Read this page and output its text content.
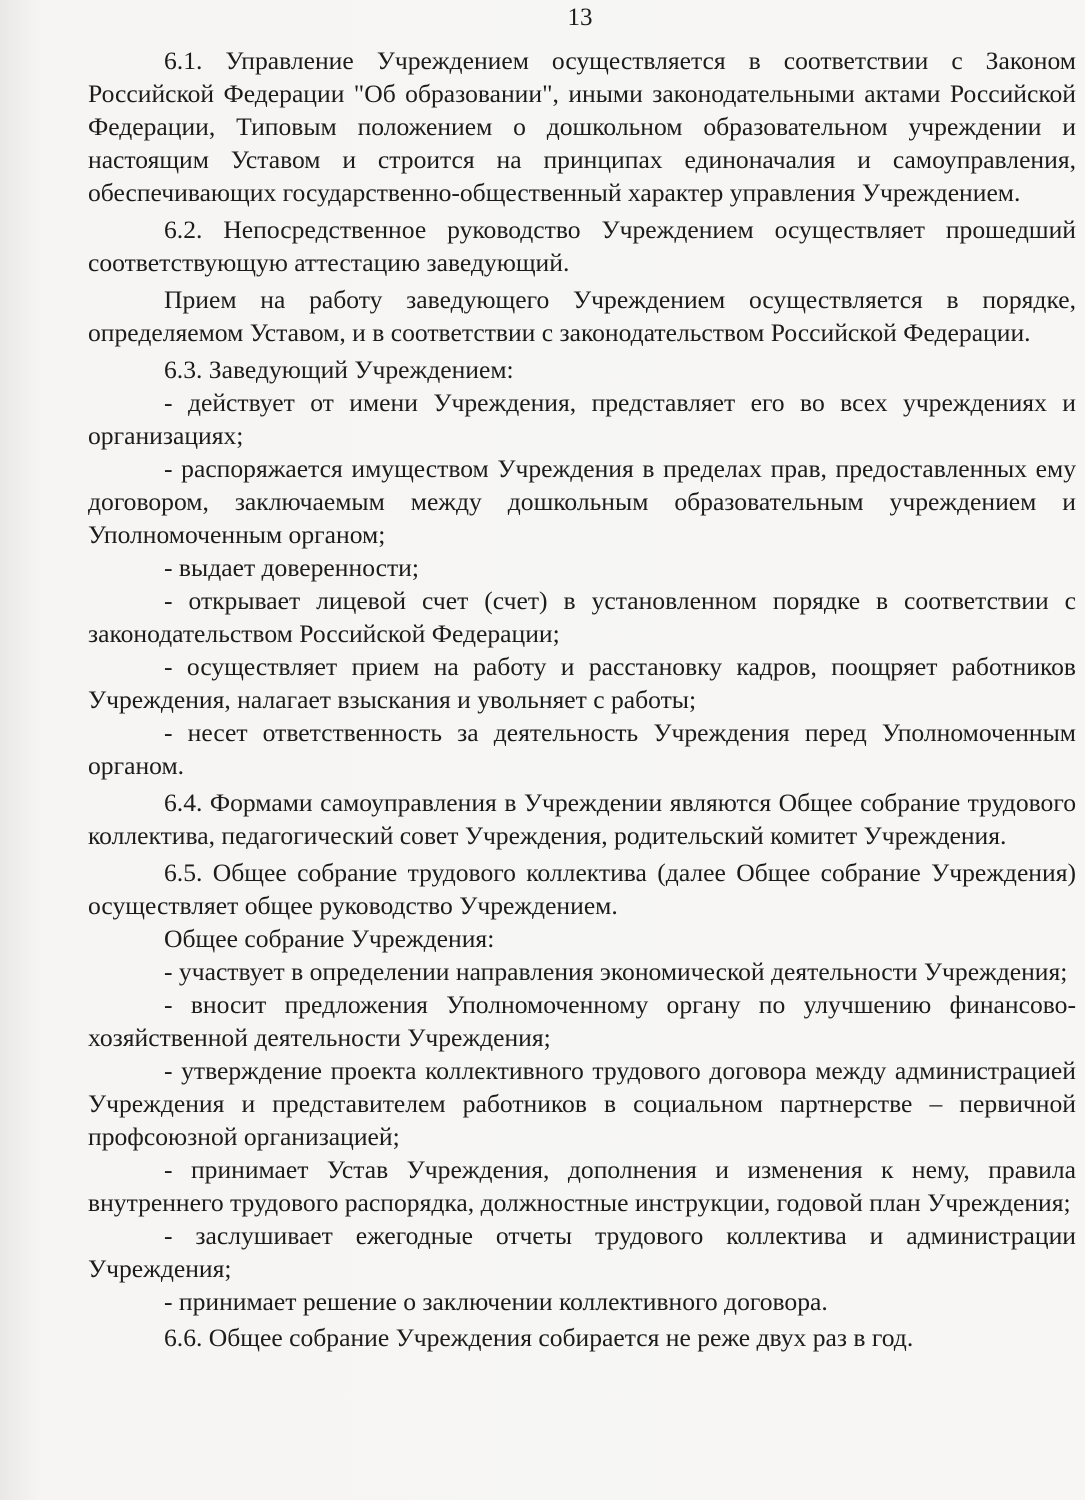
13

6.1. Управление Учреждением осуществляется в соответствии с Законом Российской Федерации "Об образовании", иными законодательными актами Российской Федерации, Типовым положением о дошкольном образовательном учреждении и настоящим Уставом и строится на принципах единоначалия и самоуправления, обеспечивающих государственно-общественный характер управления Учреждением.

6.2. Непосредственное руководство Учреждением осуществляет прошедший соответствующую аттестацию заведующий.

Прием на работу заведующего Учреждением осуществляется в порядке, определяемом Уставом, и в соответствии с законодательством Российской Федерации.

6.3. Заведующий Учреждением:

- действует от имени Учреждения, представляет его во всех учреждениях и организациях;

- распоряжается имуществом Учреждения в пределах прав, предоставленных ему договором, заключаемым между дошкольным образовательным учреждением и Уполномоченным органом;

- выдает доверенности;

- открывает лицевой счет (счет) в установленном порядке в соответствии с законодательством Российской Федерации;

- осуществляет прием на работу и расстановку кадров, поощряет работников Учреждения, налагает взыскания и увольняет с работы;

- несет ответственность за деятельность Учреждения перед Уполномоченным органом.

6.4. Формами самоуправления в Учреждении являются Общее собрание трудового коллектива, педагогический совет Учреждения, родительский комитет Учреждения.

6.5. Общее собрание трудового коллектива (далее Общее собрание Учреждения) осуществляет общее руководство Учреждением.

Общее собрание Учреждения:

- участвует в определении направления экономической деятельности Учреждения;

- вносит предложения Уполномоченному органу по улучшению финансово-хозяйственной деятельности Учреждения;

- утверждение проекта коллективного трудового договора между администрацией Учреждения и представителем работников в социальном партнерстве – первичной профсоюзной организацией;

- принимает Устав Учреждения, дополнения и изменения к нему, правила внутреннего трудового распорядка, должностные инструкции, годовой план Учреждения;

- заслушивает ежегодные отчеты трудового коллектива и администрации Учреждения;

- принимает решение о заключении коллективного договора.

6.6. Общее собрание Учреждения собирается не реже двух раз в год.
